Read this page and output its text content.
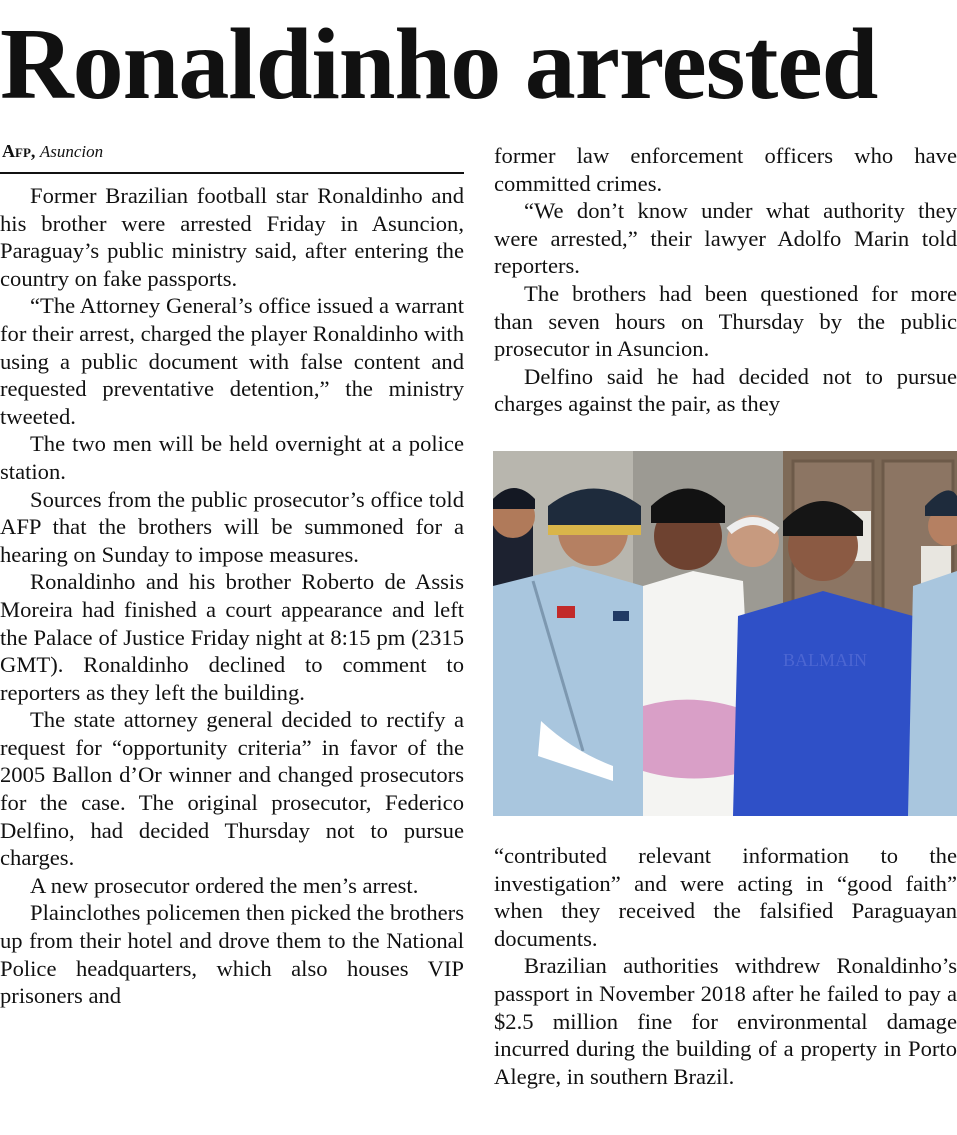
Ronaldinho arrested
Afp, Asuncion

Former Brazilian football star Ronaldinho and his brother were arrested Friday in Asuncion, Paraguay’s public ministry said, after entering the country on fake passports.

“The Attorney General’s office issued a warrant for their arrest, charged the player Ronaldinho with using a public document with false content and requested preventative detention,” the ministry tweeted.

The two men will be held overnight at a police station.

Sources from the public prosecutor’s office told AFP that the brothers will be summoned for a hearing on Sunday to impose measures.

Ronaldinho and his brother Roberto de Assis Moreira had finished a court appearance and left the Palace of Justice Friday night at 8:15 pm (2315 GMT). Ronaldinho declined to comment to reporters as they left the building.

The state attorney general decided to rectify a request for “opportunity criteria” in favor of the 2005 Ballon d’Or winner and changed prosecutors for the case. The original prosecutor, Federico Delfino, had decided Thursday not to pursue charges.

A new prosecutor ordered the men’s arrest.

Plainclothes policemen then picked the brothers up from their hotel and drove them to the National Police headquarters, which also houses VIP prisoners and

former law enforcement officers who have committed crimes.

“We don’t know under what authority they were arrested,” their lawyer Adolfo Marin told reporters.

The brothers had been questioned for more than seven hours on Thursday by the public prosecutor in Asuncion.

Delfino said he had decided not to pursue charges against the pair, as they

BALMAIN

“contributed relevant information to the investigation” and were acting in “good faith” when they received the falsified Paraguayan documents.

Brazilian authorities withdrew Ronaldinho’s passport in November 2018 after he failed to pay a $2.5 million fine for environmental damage incurred during the building of a property in Porto Alegre, in southern Brazil.
